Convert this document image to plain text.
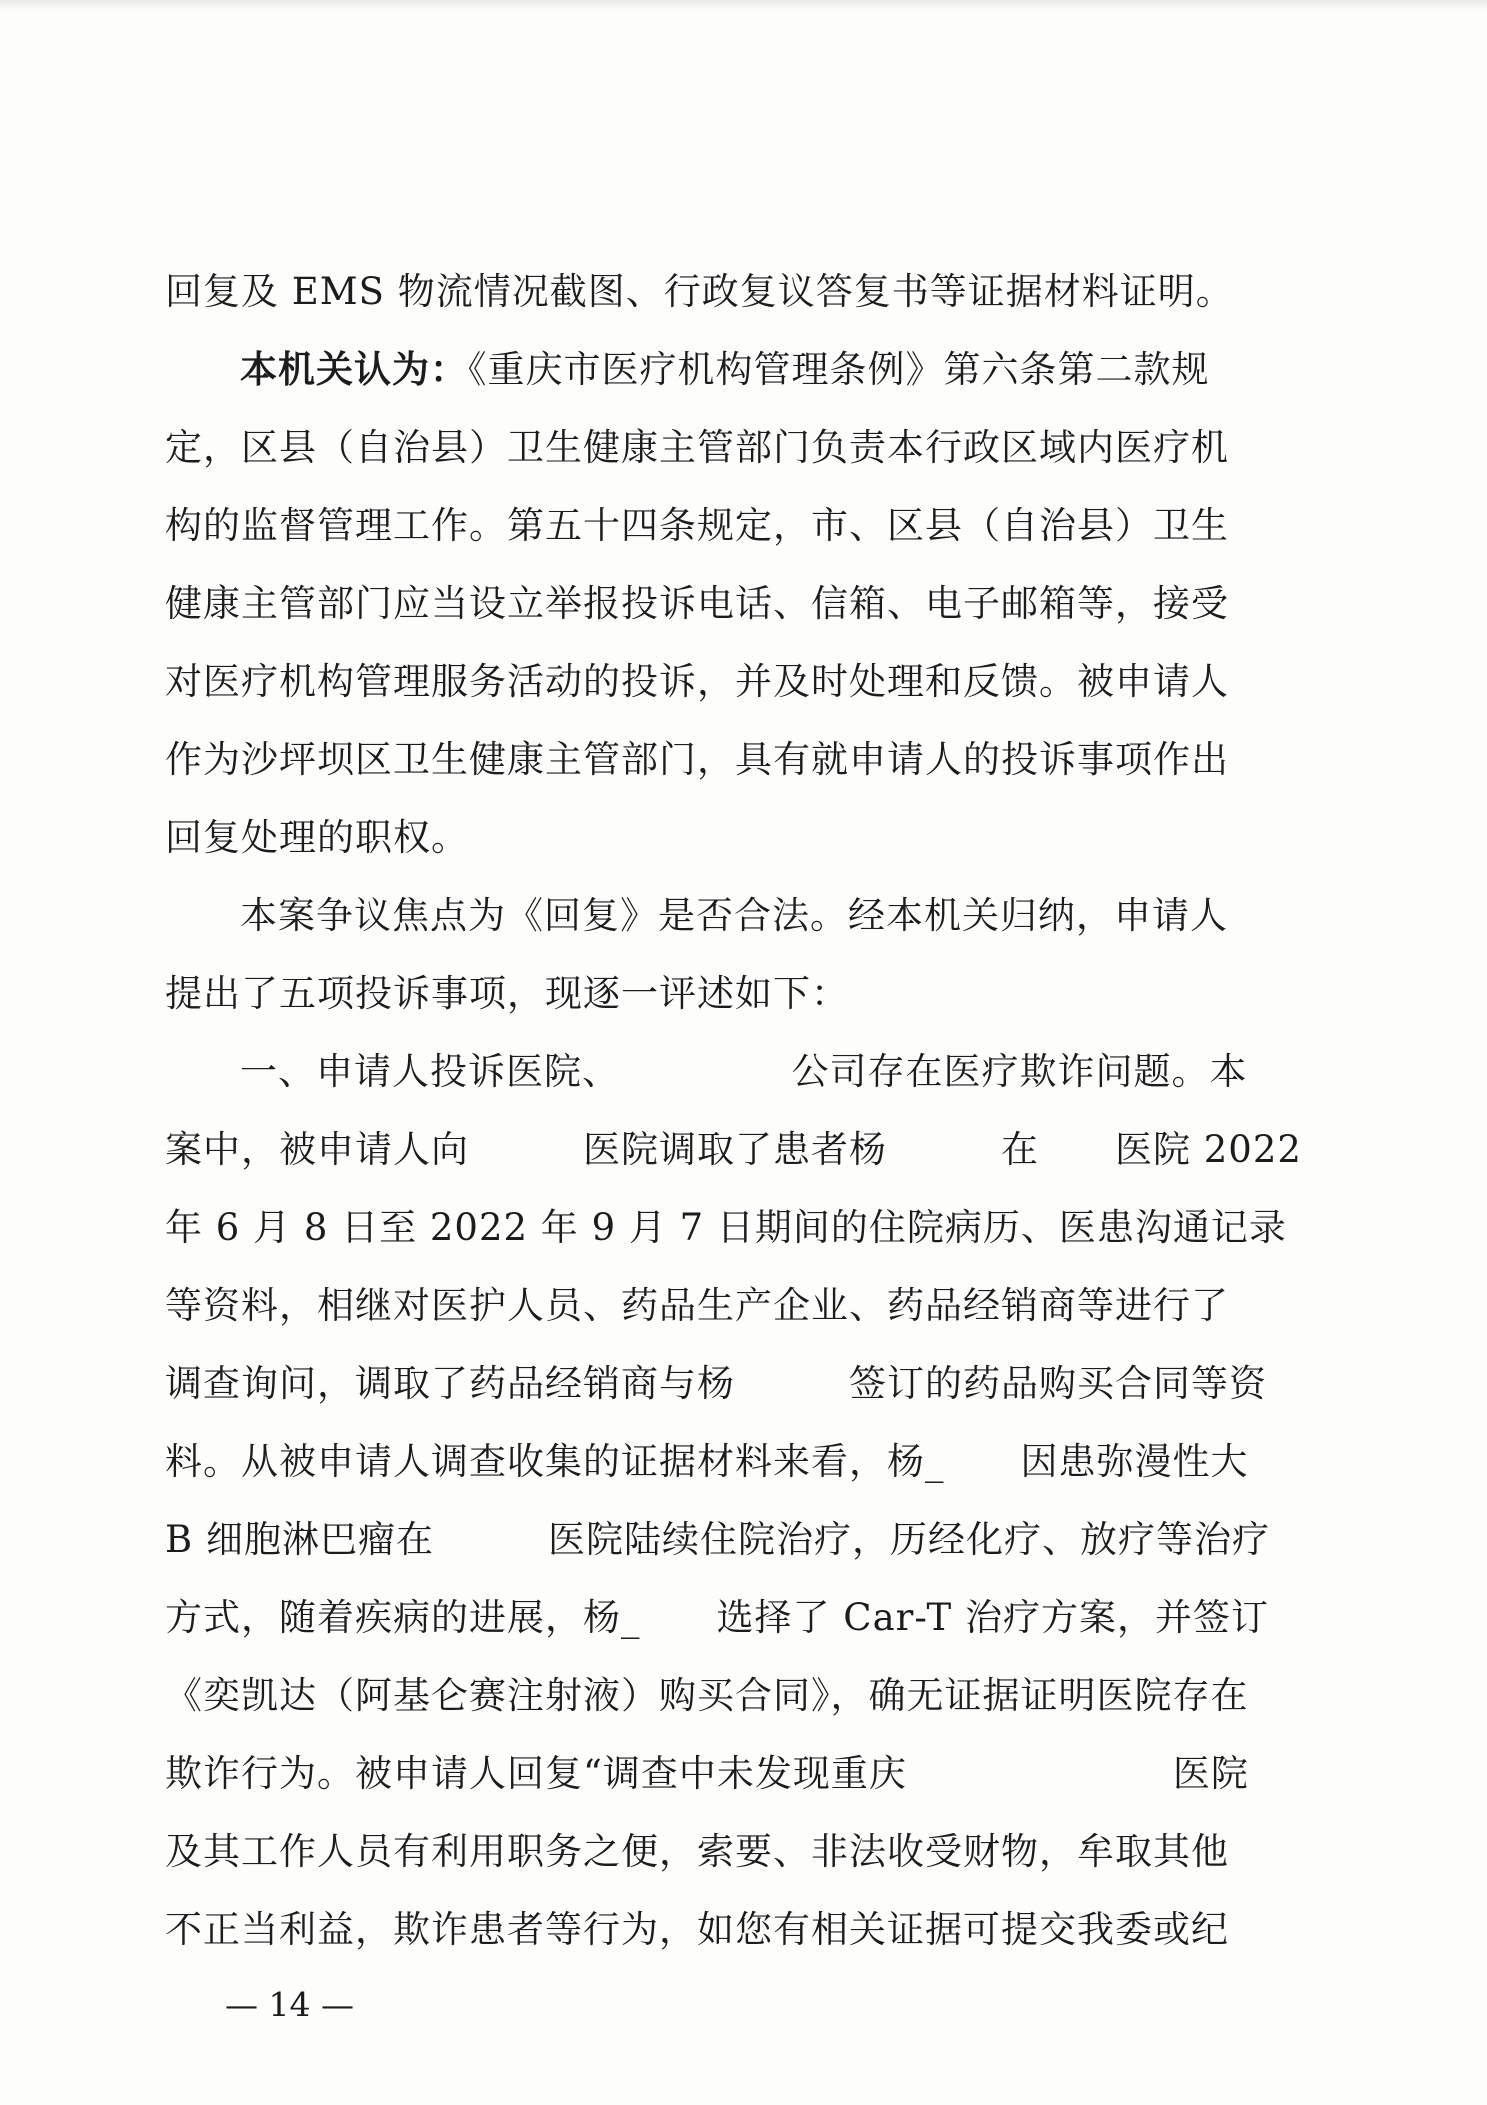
回复及 EMS 物流情况截图、行政复议答复书等证据材料证明。

本机关认为：《重庆市医疗机构管理条例》第六条第二款规

定，区县（自治县）卫生健康主管部门负责本行政区域内医疗机

构的监督管理工作。第五十四条规定，市、区县（自治县）卫生

健康主管部门应当设立举报投诉电话、信箱、电子邮箱等，接受

对医疗机构管理服务活动的投诉，并及时处理和反馈。被申请人

作为沙坪坝区卫生健康主管部门，具有就申请人的投诉事项作出

回复处理的职权。

本案争议焦点为《回复》是否合法。经本机关归纳，申请人

提出了五项投诉事项，现逐一评述如下：

一、申请人投诉医院、　　　　　公司存在医疗欺诈问题。本

案中，被申请人向　　　医院调取了患者杨　　　在　　医院 2022

年 6 月 8 日至 2022 年 9 月 7 日期间的住院病历、医患沟通记录

等资料，相继对医护人员、药品生产企业、药品经销商等进行了

调查询问，调取了药品经销商与杨　　　签订的药品购买合同等资

料。从被申请人调查收集的证据材料来看，杨_　　因患弥漫性大

B 细胞淋巴瘤在　　　医院陆续住院治疗，历经化疗、放疗等治疗

方式，随着疾病的进展，杨_　　选择了 Car-T 治疗方案，并签订

《奕凯达（阿基仑赛注射液）购买合同》，确无证据证明医院存在

欺诈行为。被申请人回复“调查中未发现重庆　　　　　　　医院

及其工作人员有利用职务之便，索要、非法收受财物，牟取其他

不正当利益，欺诈患者等行为，如您有相关证据可提交我委或纪

— 14 —
